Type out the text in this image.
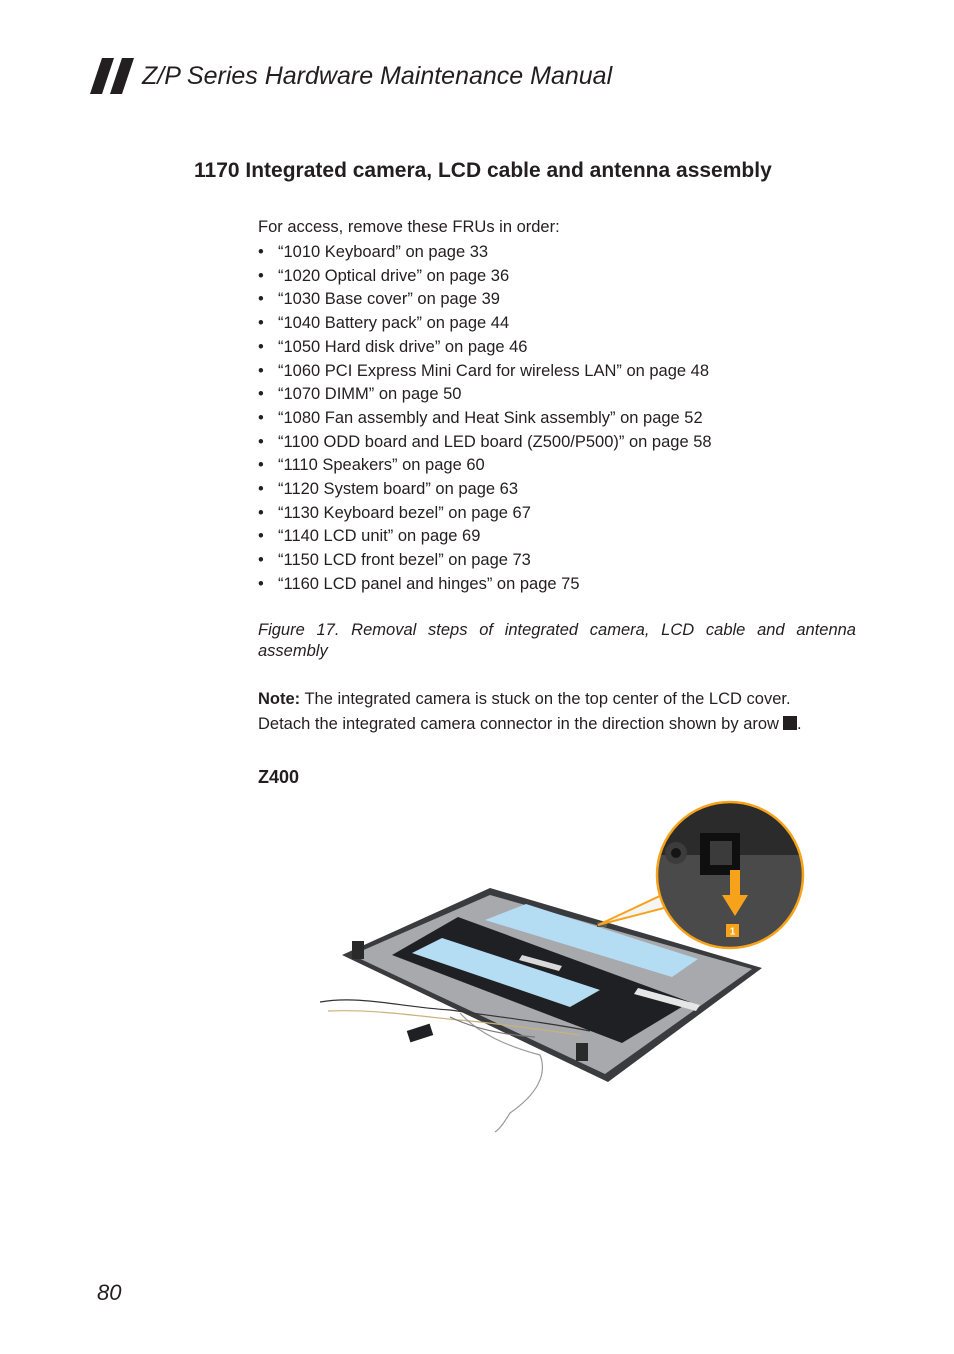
Z/P Series Hardware Maintenance Manual
1170 Integrated camera, LCD cable and antenna assembly

For access, remove these FRUs in order:

• “1010 Keyboard” on page 33
• “1020 Optical drive” on page 36
• “1030 Base cover” on page 39
• “1040 Battery pack” on page 44
• “1050 Hard disk drive” on page 46
• “1060 PCI Express Mini Card for wireless LAN” on page 48
• “1070 DIMM” on page 50
• “1080 Fan assembly and Heat Sink assembly” on page 52
• “1100 ODD board and LED board (Z500/P500)” on page 58
• “1110 Speakers” on page 60
• “1120 System board” on page 63
• “1130 Keyboard bezel” on page 67
• “1140 LCD unit” on page 69
• “1150 LCD front bezel” on page 73
• “1160 LCD panel and hinges” on page 75
Figure 17. Removal steps of integrated camera, LCD cable and antenna assembly
Note: The integrated camera is stuck on the top center of the LCD cover.
Detach the integrated camera connector in the direction shown by arow .
Z400
1
80
